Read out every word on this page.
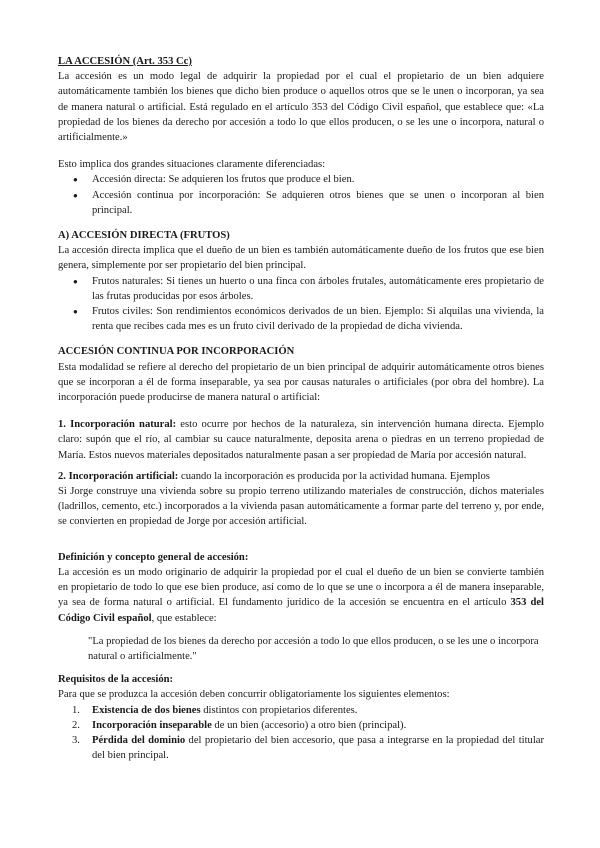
LA ACCESIÓN (Art. 353 Cc)

La accesión es un modo legal de adquirir la propiedad por el cual el propietario de un bien adquiere automáticamente también los bienes que dicho bien produce o aquellos otros que se le unen o incorporan, ya sea de manera natural o artificial. Está regulado en el artículo 353 del Código Civil español, que establece que: «La propiedad de los bienes da derecho por accesión a todo lo que ellos producen, o se les une o incorpora, natural o artificialmente.»

Esto implica dos grandes situaciones claramente diferenciadas:

● Accesión directa: Se adquieren los frutos que produce el bien.
● Accesión continua por incorporación: Se adquieren otros bienes que se unen o incorporan al bien principal.

A) ACCESIÓN DIRECTA (FRUTOS)

La accesión directa implica que el dueño de un bien es también automáticamente dueño de los frutos que ese bien genera, simplemente por ser propietario del bien principal.

● Frutos naturales: Si tienes un huerto o una finca con árboles frutales, automáticamente eres propietario de las frutas producidas por esos árboles.
● Frutos civiles: Son rendimientos económicos derivados de un bien. Ejemplo: Si alquilas una vivienda, la renta que recibes cada mes es un fruto civil derivado de la propiedad de dicha vivienda.

ACCESIÓN CONTINUA POR INCORPORACIÓN

Esta modalidad se refiere al derecho del propietario de un bien principal de adquirir automáticamente otros bienes que se incorporan a él de forma inseparable, ya sea por causas naturales o artificiales (por obra del hombre). La incorporación puede producirse de manera natural o artificial:

1. Incorporación natural: esto ocurre por hechos de la naturaleza, sin intervención humana directa. Ejemplo claro: supón que el río, al cambiar su cauce naturalmente, deposita arena o piedras en un terreno propiedad de María. Estos nuevos materiales depositados naturalmente pasan a ser propiedad de María por accesión natural.

2. Incorporación artificial: cuando la incorporación es producida por la actividad humana. Ejemplos

Si Jorge construye una vivienda sobre su propio terreno utilizando materiales de construcción, dichos materiales (ladrillos, cemento, etc.) incorporados a la vivienda pasan automáticamente a formar parte del terreno y, por ende, se convierten en propiedad de Jorge por accesión artificial.

Definición y concepto general de accesión:

La accesión es un modo originario de adquirir la propiedad por el cual el dueño de un bien se convierte también en propietario de todo lo que ese bien produce, así como de lo que se une o incorpora a él de manera inseparable, ya sea de forma natural o artificial. El fundamento jurídico de la accesión se encuentra en el artículo 353 del Código Civil español, que establece:

"La propiedad de los bienes da derecho por accesión a todo lo que ellos producen, o se les une o incorpora natural o artificialmente."

Requisitos de la accesión:

Para que se produzca la accesión deben concurrir obligatoriamente los siguientes elementos:

1. Existencia de dos bienes distintos con propietarios diferentes.
2. Incorporación inseparable de un bien (accesorio) a otro bien (principal).
3. Pérdida del dominio del propietario del bien accesorio, que pasa a integrarse en la propiedad del titular del bien principal.
